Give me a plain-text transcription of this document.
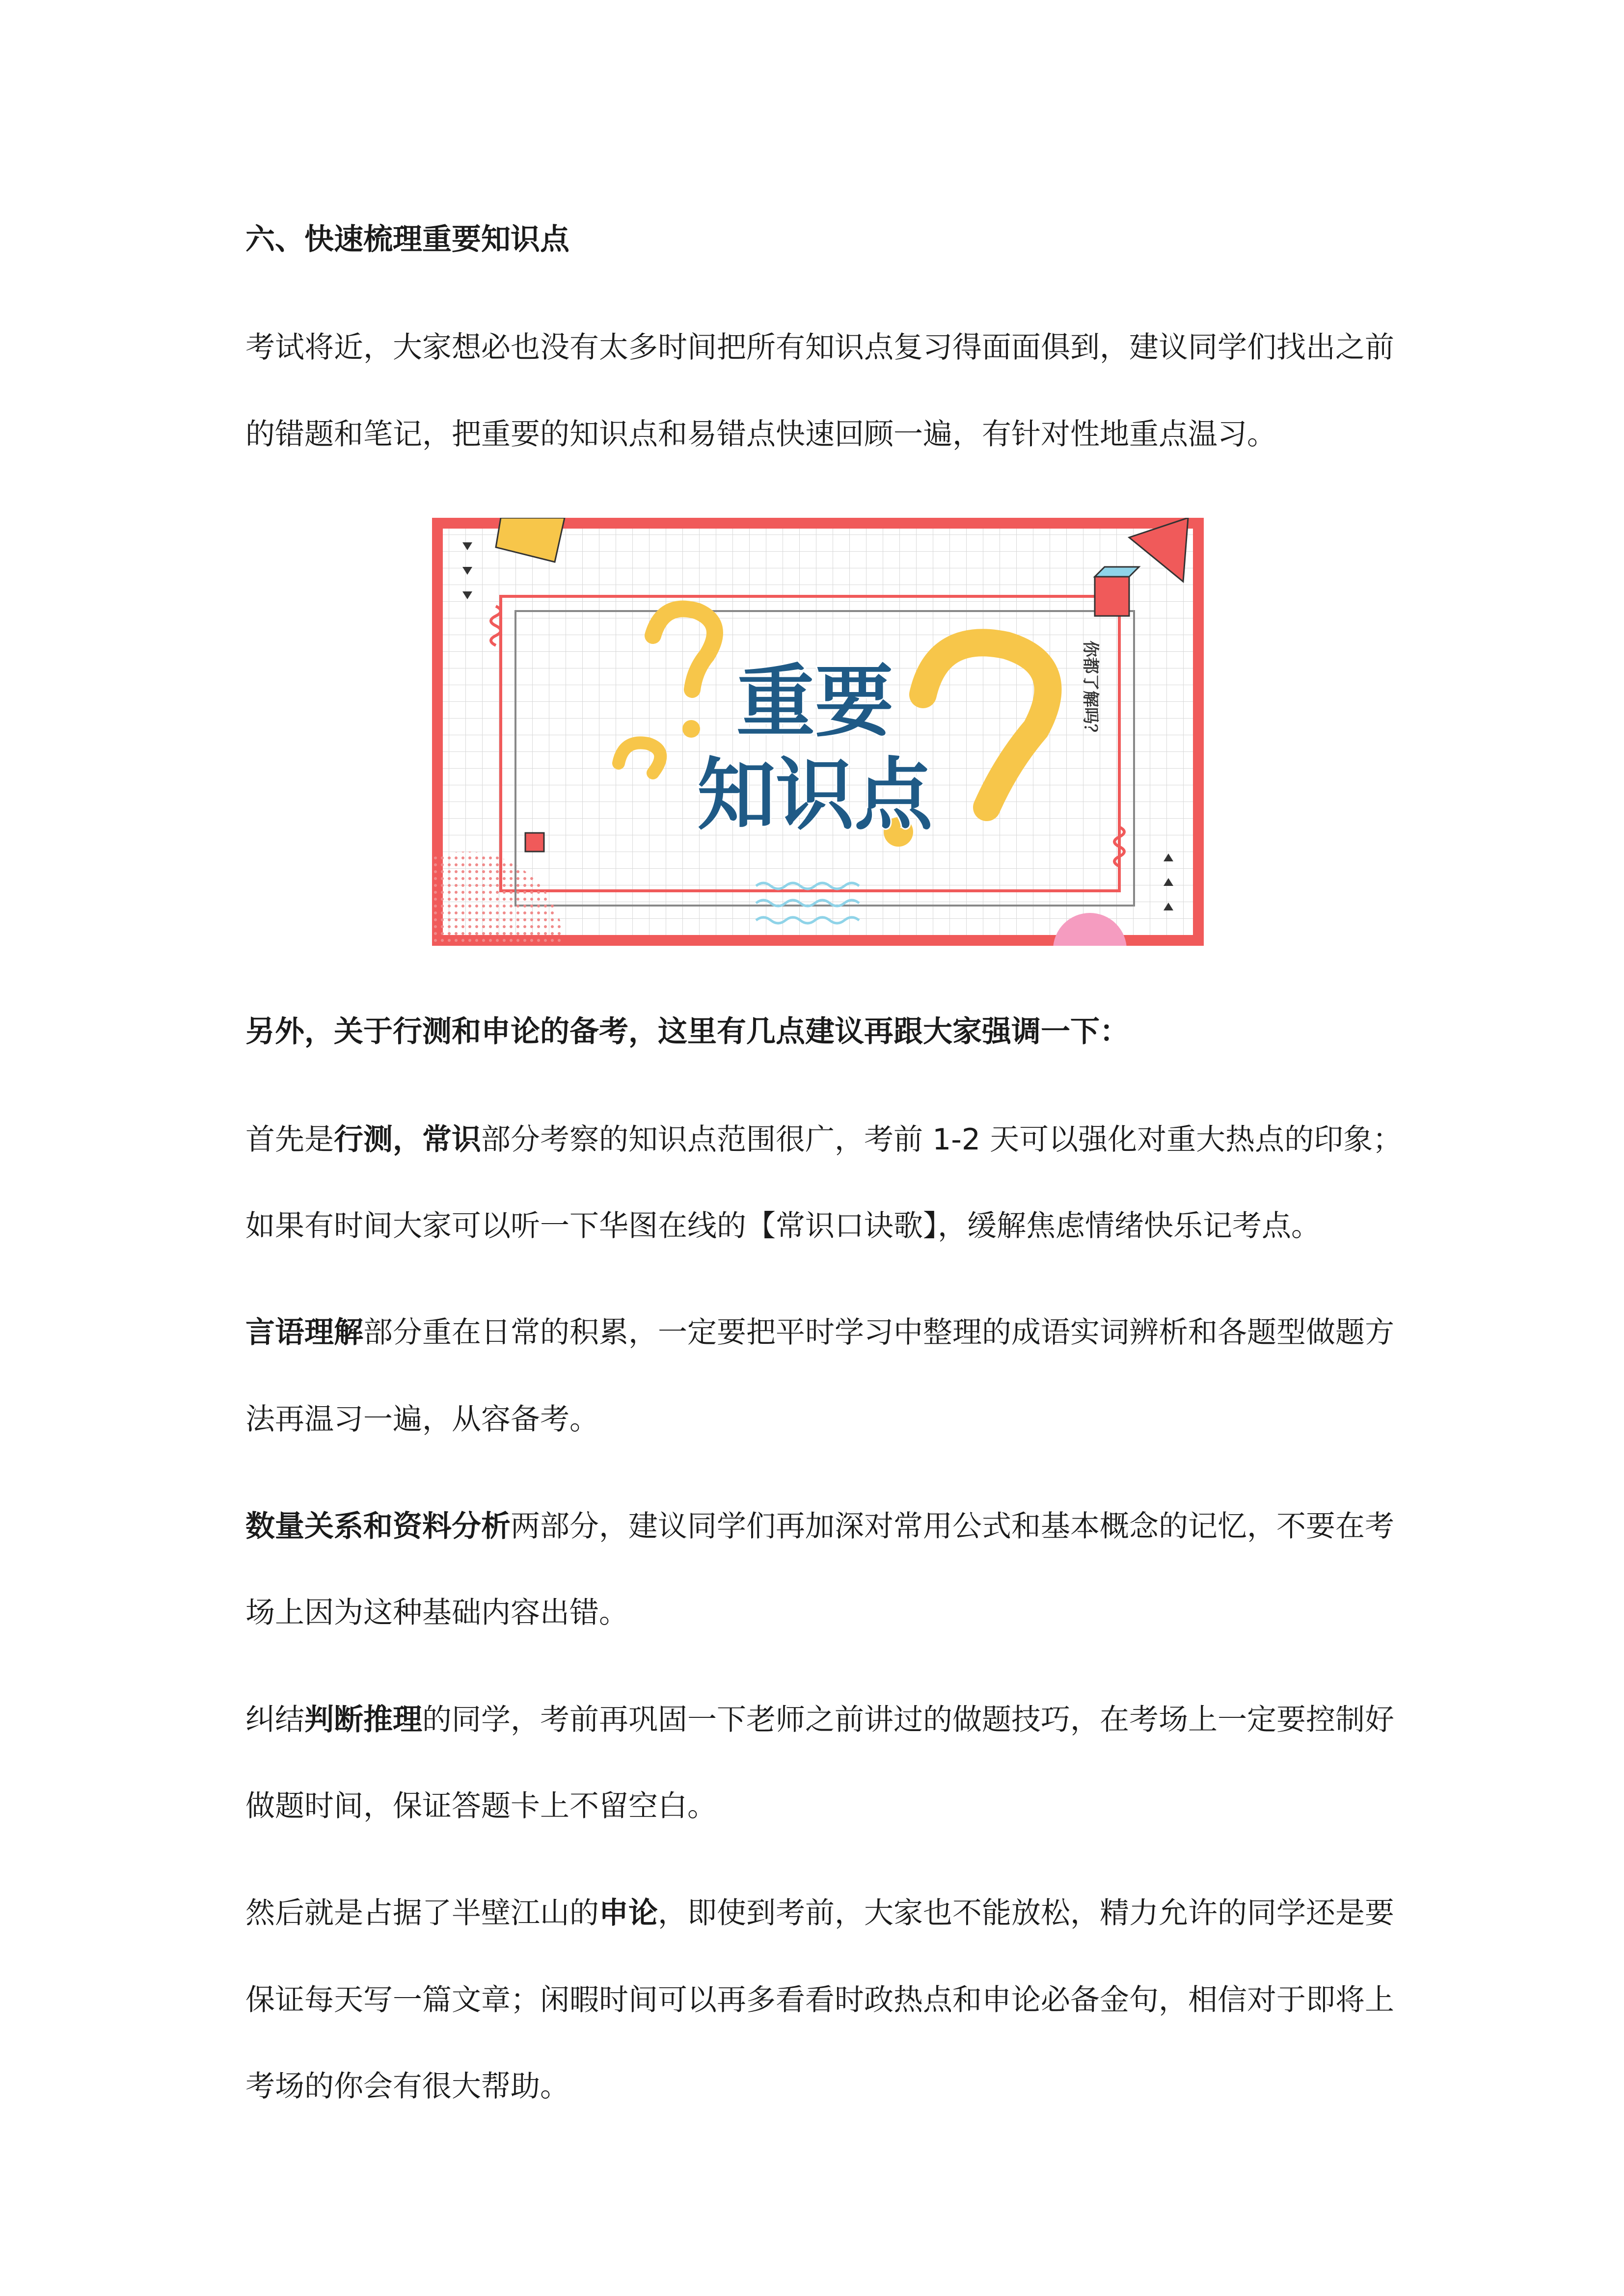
六、快速梳理重要知识点
考试将近，大家想必也没有太多时间把所有知识点复习得面面俱到，建议同学们找出之前
的错题和笔记，把重要的知识点和易错点快速回顾一遍，有针对性地重点温习。
重要
知识点
你都了解吗？
另外，关于行测和申论的备考，这里有几点建议再跟大家强调一下：
首先是行测，常识部分考察的知识点范围很广，考前 1-2 天可以强化对重大热点的印象；
如果有时间大家可以听一下华图在线的【常识口诀歌】，缓解焦虑情绪快乐记考点。
言语理解部分重在日常的积累，一定要把平时学习中整理的成语实词辨析和各题型做题方
法再温习一遍，从容备考。
数量关系和资料分析两部分，建议同学们再加深对常用公式和基本概念的记忆，不要在考
场上因为这种基础内容出错。
纠结判断推理的同学，考前再巩固一下老师之前讲过的做题技巧，在考场上一定要控制好
做题时间，保证答题卡上不留空白。
然后就是占据了半壁江山的申论，即使到考前，大家也不能放松，精力允许的同学还是要
保证每天写一篇文章；闲暇时间可以再多看看时政热点和申论必备金句，相信对于即将上
考场的你会有很大帮助。
